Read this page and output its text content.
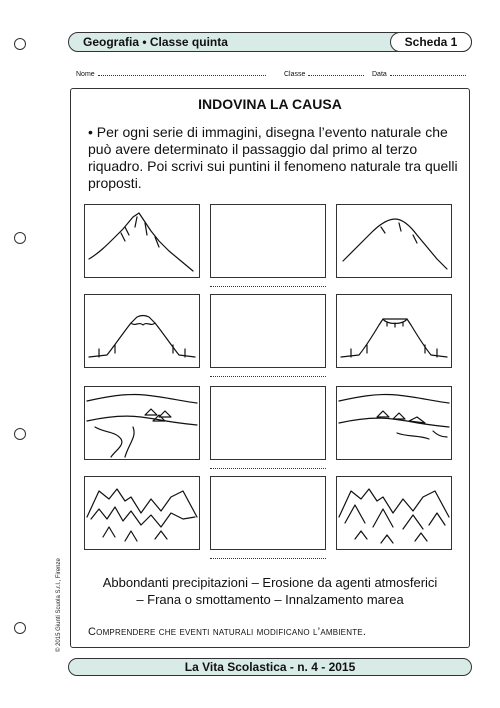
Geografia • Classe quinta	Scheda 1
Nome	Classe	Data
INDOVINA LA CAUSA
• Per ogni serie di immagini, disegna l’evento naturale che può avere determinato il passaggio dal primo al terzo riquadro. Poi scrivi sui puntini il fenomeno naturale tra quelli proposti.
Abbondanti precipitazioni – Erosione da agenti atmosferici
– Frana o smottamento – Innalzamento marea
Comprendere che eventi naturali modificano l’ambiente.
© 2015 Giunti Scuola S.r.l., Firenze
La Vita Scolastica - n. 4 - 2015
